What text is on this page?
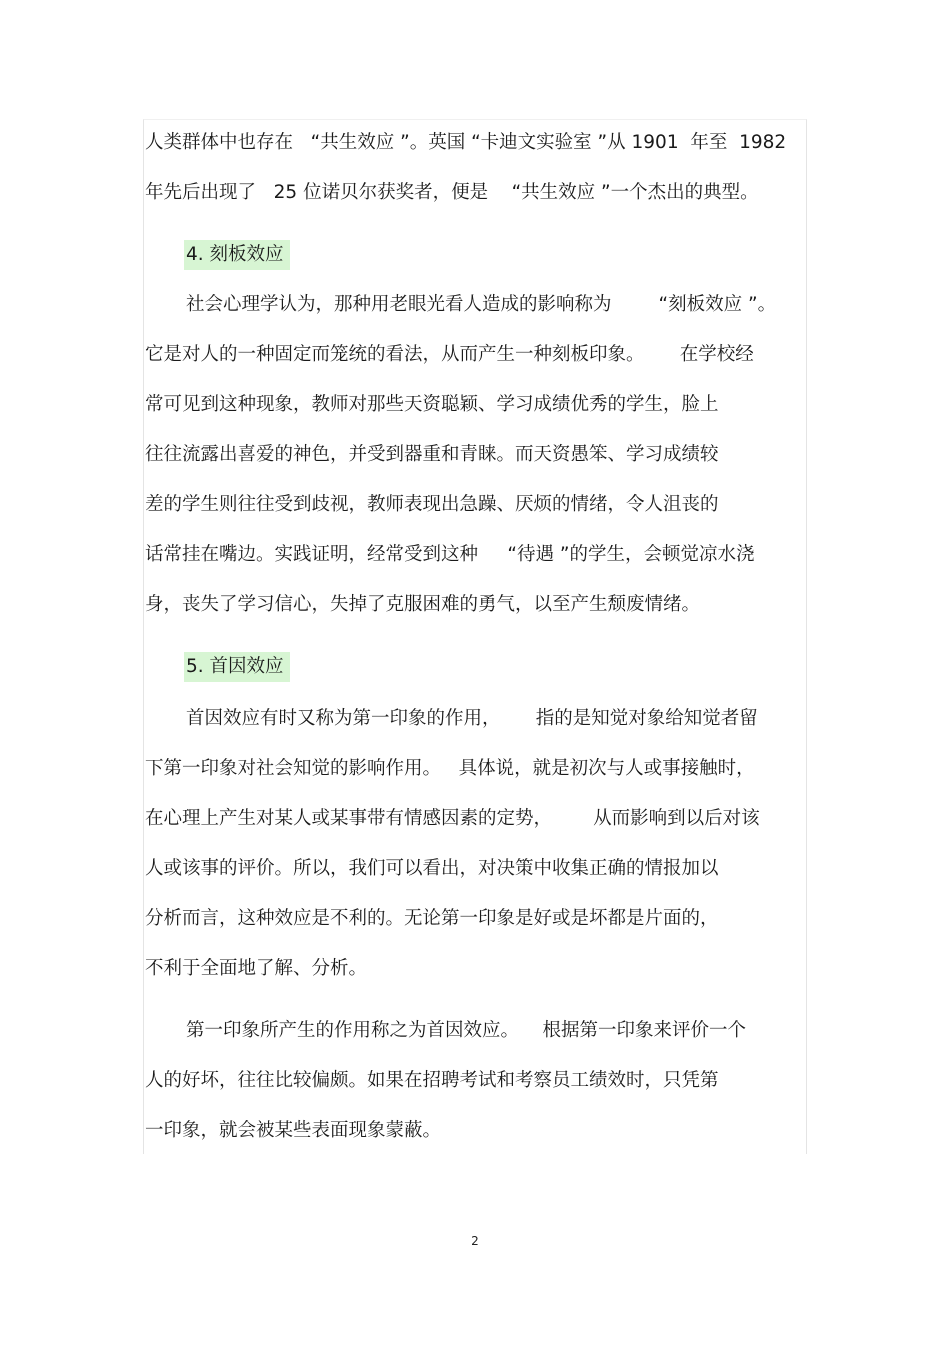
人类群体中也存在   “共生效应 ”。英国 “卡迪文实验室 ”从 1901  年至  1982
年先后出现了   25 位诺贝尔获奖者，便是    “共生效应 ”一个杰出的典型。
4. 刻板效应
社会心理学认为，那种用老眼光看人造成的影响称为        “刻板效应 ”。
它是对人的一种固定而笼统的看法，从而产生一种刻板印象。      在学校经
常可见到这种现象，教师对那些天资聪颖、学习成绩优秀的学生，脸上
往往流露出喜爱的神色，并受到器重和青睐。而天资愚笨、学习成绩较
差的学生则往往受到歧视，教师表现出急躁、厌烦的情绪，令人沮丧的
话常挂在嘴边。实践证明，经常受到这种     “待遇 ”的学生，会顿觉凉水浇
身，丧失了学习信心，失掉了克服困难的勇气，以至产生颓废情绪。
5. 首因效应
首因效应有时又称为第一印象的作用，      指的是知觉对象给知觉者留
下第一印象对社会知觉的影响作用。   具体说，就是初次与人或事接触时，
在心理上产生对某人或某事带有情感因素的定势，       从而影响到以后对该
人或该事的评价。所以，我们可以看出，对决策中收集正确的情报加以
分析而言，这种效应是不利的。无论第一印象是好或是坏都是片面的，
不利于全面地了解、分析。
第一印象所产生的作用称之为首因效应。    根据第一印象来评价一个
人的好坏，往往比较偏颇。如果在招聘考试和考察员工绩效时，只凭第
一印象，就会被某些表面现象蒙蔽。
2
